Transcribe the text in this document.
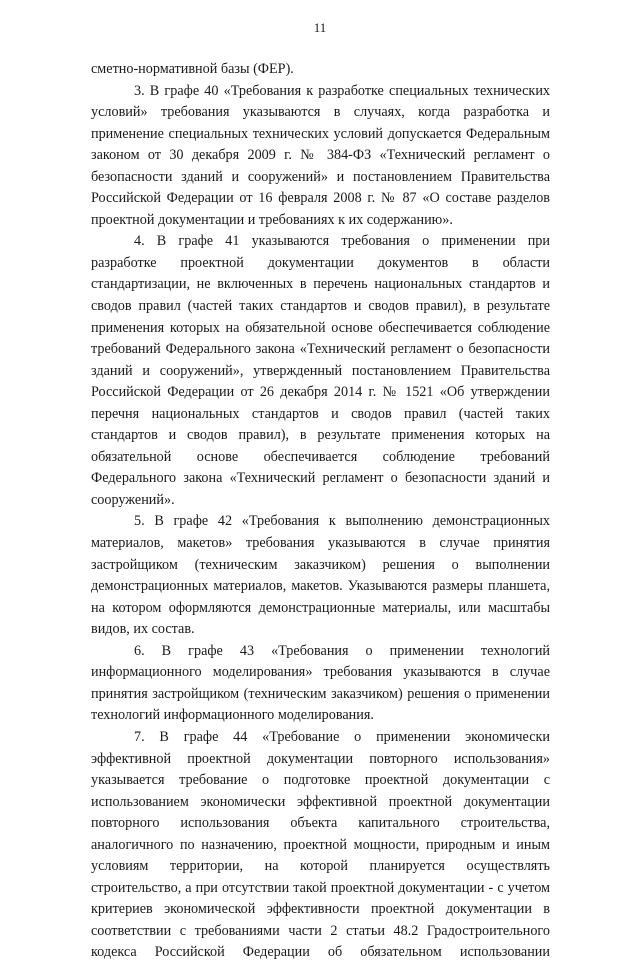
11

сметно-нормативной базы (ФЕР).

3. В графе 40 «Требования к разработке специальных технических условий» требования указываются в случаях, когда разработка и применение специальных технических условий допускается Федеральным законом от 30 декабря 2009 г. № 384-ФЗ «Технический регламент о безопасности зданий и сооружений» и постановлением Правительства Российской Федерации от 16 февраля 2008 г. № 87 «О составе разделов проектной документации и требованиях к их содержанию».

4. В графе 41 указываются требования о применении при разработке проектной документации документов в области стандартизации, не включенных в перечень национальных стандартов и сводов правил (частей таких стандартов и сводов правил), в результате применения которых на обязательной основе обеспечивается соблюдение требований Федерального закона «Технический регламент о безопасности зданий и сооружений», утвержденный постановлением Правительства Российской Федерации от 26 декабря 2014 г. № 1521 «Об утверждении перечня национальных стандартов и сводов правил (частей таких стандартов и сводов правил), в результате применения которых на обязательной основе обеспечивается соблюдение требований Федерального закона «Технический регламент о безопасности зданий и сооружений».

5. В графе 42 «Требования к выполнению демонстрационных материалов, макетов» требования указываются в случае принятия застройщиком (техническим заказчиком) решения о выполнении демонстрационных материалов, макетов. Указываются размеры планшета, на котором оформляются демонстрационные материалы, или масштабы видов, их состав.

6. В графе 43 «Требования о применении технологий информационного моделирования» требования указываются в случае принятия застройщиком (техническим заказчиком) решения о применении технологий информационного моделирования.

7. В графе 44 «Требование о применении экономически эффективной проектной документации повторного использования» указывается требование о подготовке проектной документации с использованием экономически эффективной проектной документации повторного использования объекта капитального строительства, аналогичного по назначению, проектной мощности, природным и иным условиям территории, на которой планируется осуществлять строительство, а при отсутствии такой проектной документации - с учетом критериев экономической эффективности проектной документации в соответствии с требованиями части 2 статьи 48.2 Градостроительного кодекса Российской Федерации об обязательном использовании
